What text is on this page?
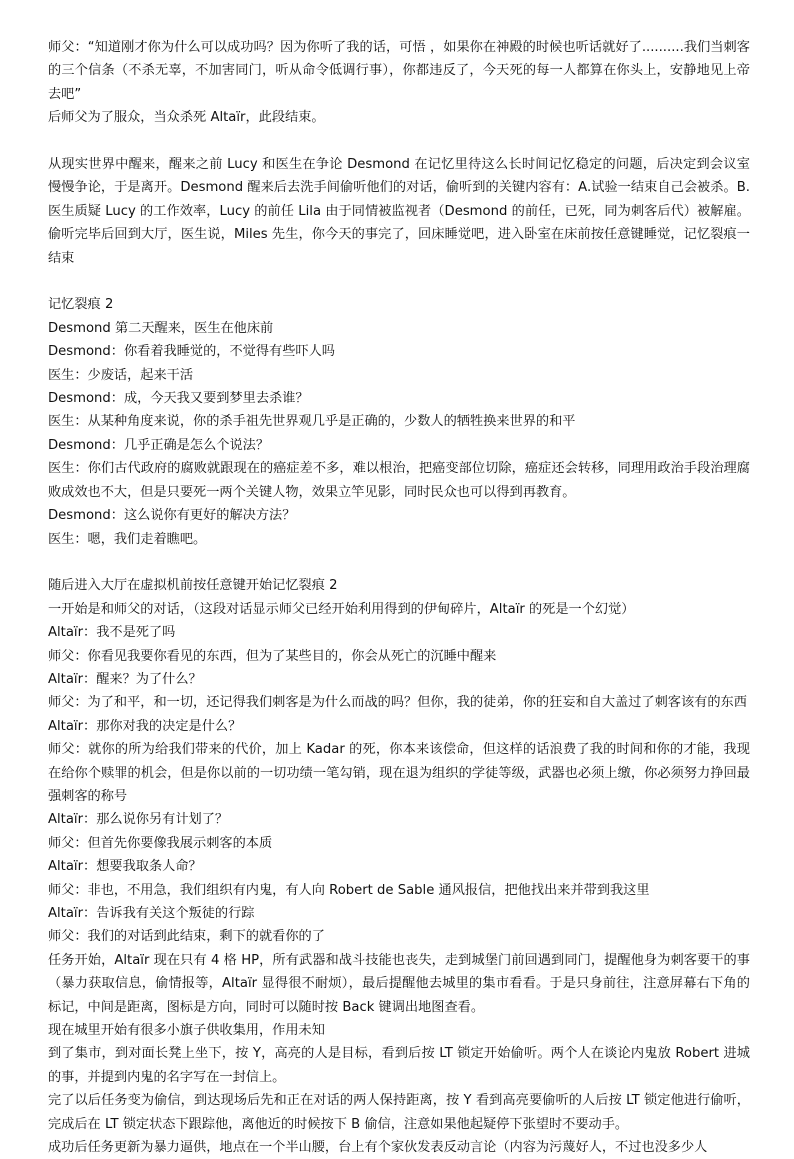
师父：“知道刚才你为什么可以成功吗？因为你听了我的话，可悟 ，如果你在神殿的时候也听话就好了..........我们当刺客的三个信条（不杀无辜，不加害同门，听从命令低调行事），你都违反了，今天死的每一人都算在你头上，安静地见上帝去吧”

后师父为了服众，当众杀死 Altaïr，此段结束。

从现实世界中醒来，醒来之前 Lucy 和医生在争论 Desmond 在记忆里待这么长时间记忆稳定的问题，后决定到会议室慢慢争论，于是离开。Desmond 醒来后去洗手间偷听他们的对话，偷听到的关键内容有：A.试验一结束自己会被杀。B.医生质疑 Lucy 的工作效率，Lucy 的前任 Lila 由于同情被监视者（Desmond 的前任，已死，同为刺客后代）被解雇。偷听完毕后回到大厅，医生说，Miles 先生，你今天的事完了，回床睡觉吧，进入卧室在床前按任意键睡觉，记忆裂痕一结束

记忆裂痕 2

Desmond 第二天醒来，医生在他床前

Desmond：你看着我睡觉的，不觉得有些吓人吗

医生：少废话，起来干活

Desmond：成，今天我又要到梦里去杀谁？

医生：从某种角度来说，你的杀手祖先世界观几乎是正确的，少数人的牺牲换来世界的和平

Desmond：几乎正确是怎么个说法？

医生：你们古代政府的腐败就跟现在的癌症差不多，难以根治，把癌变部位切除，癌症还会转移，同理用政治手段治理腐败成效也不大，但是只要死一两个关键人物，效果立竿见影，同时民众也可以得到再教育。

Desmond：这么说你有更好的解决方法？

医生：嗯，我们走着瞧吧。

随后进入大厅在虚拟机前按任意键开始记忆裂痕 2

一开始是和师父的对话，（这段对话显示师父已经开始利用得到的伊甸碎片，Altaïr 的死是一个幻觉）

Altaïr：我不是死了吗

师父：你看见我要你看见的东西，但为了某些目的，你会从死亡的沉睡中醒来

Altaïr：醒来？为了什么？

师父：为了和平，和一切，还记得我们刺客是为什么而战的吗？但你，我的徒弟，你的狂妄和自大盖过了刺客该有的东西

Altaïr：那你对我的决定是什么？

师父：就你的所为给我们带来的代价，加上 Kadar 的死，你本来该偿命，但这样的话浪费了我的时间和你的才能，我现在给你个赎罪的机会，但是你以前的一切功绩一笔勾销，现在退为组织的学徒等级，武器也必须上缴，你必须努力挣回最强刺客的称号

Altaïr：那么说你另有计划了？

师父：但首先你要像我展示刺客的本质

Altaïr：想要我取条人命？

师父：非也，不用急，我们组织有内鬼，有人向 Robert de Sable 通风报信，把他找出来并带到我这里

Altaïr：告诉我有关这个叛徒的行踪

师父：我们的对话到此结束，剩下的就看你的了

任务开始，Altaïr 现在只有 4 格 HP，所有武器和战斗技能也丧失，走到城堡门前回遇到同门，提醒他身为刺客要干的事（暴力获取信息，偷情报等，Altaïr 显得很不耐烦），最后提醒他去城里的集市看看。于是只身前往，注意屏幕右下角的标记，中间是距离，图标是方向，同时可以随时按 Back 键调出地图查看。

现在城里开始有很多小旗子供收集用，作用未知

到了集市，到对面长凳上坐下，按 Y，高亮的人是目标，看到后按 LT 锁定开始偷听。两个人在谈论内鬼放 Robert 进城的事，并提到内鬼的名字写在一封信上。

完了以后任务变为偷信，到达现场后先和正在对话的两人保持距离，按 Y 看到高亮要偷听的人后按 LT 锁定他进行偷听，完成后在 LT 锁定状态下跟踪他，离他近的时候按下 B 偷信，注意如果他起疑停下张望时不要动手。

成功后任务更新为暴力逼供，地点在一个半山腰，台上有个家伙发表反动言论（内容为污蔑好人，不过也没多少人
